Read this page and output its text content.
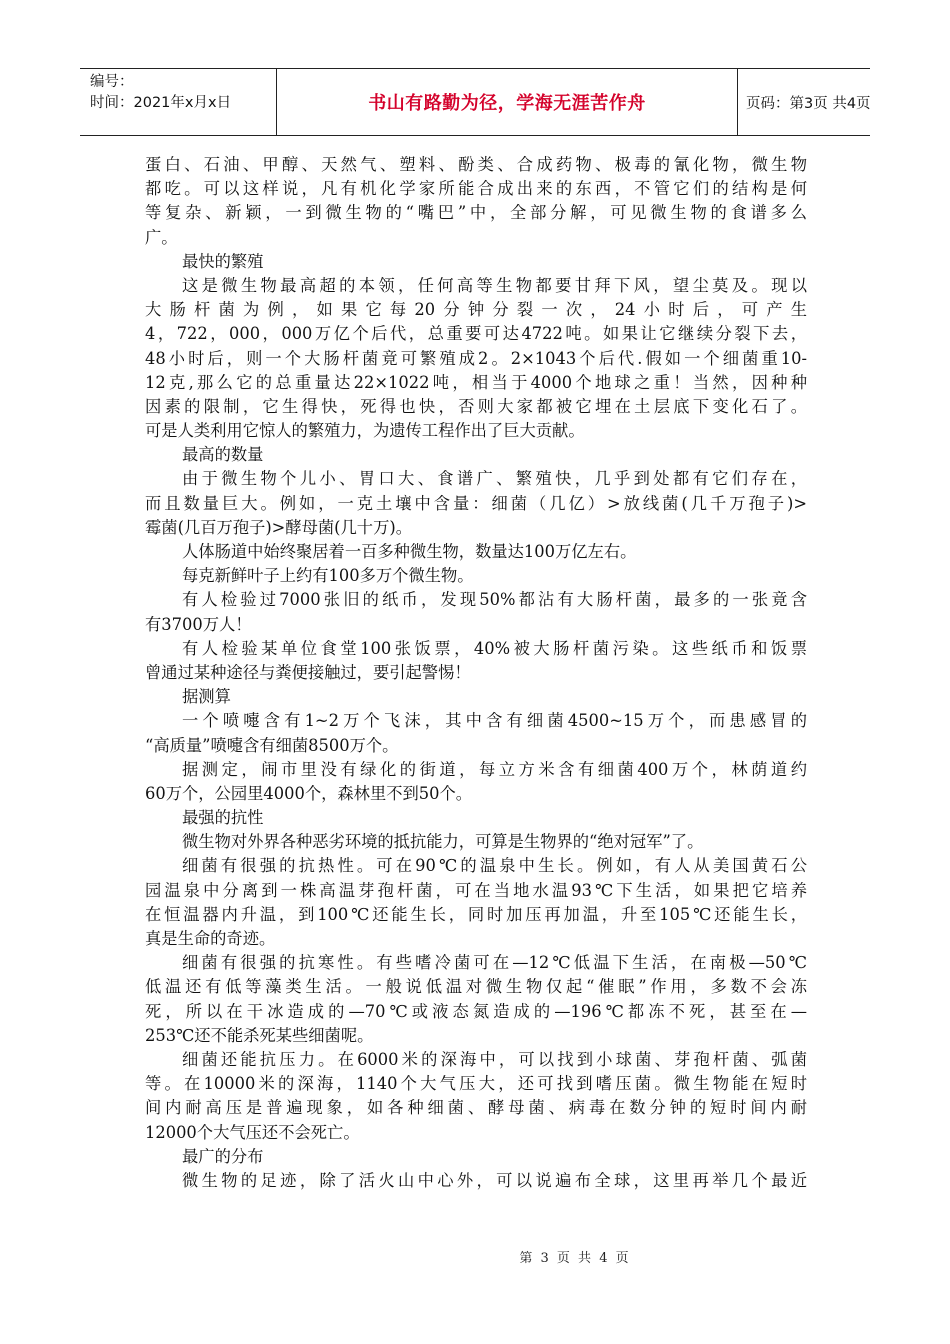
编号：
时间：2021年x月x日	书山有路勤为径，学海无涯苦作舟	页码：第3页 共4页
蛋白、石油、甲醇、天然气、塑料、酚类、合成药物、极毒的氰化物，微生物
都吃。可以这样说，凡有机化学家所能合成出来的东西，不管它们的结构是何
等复杂、新颖，一到微生物的“嘴巴”中，全部分解，可见微生物的食谱多么
广。
最快的繁殖
这是微生物最高超的本领，任何高等生物都要甘拜下风，望尘莫及。现以
大肠杆菌为例，如果它每20分钟分裂一次，24小时后，可产生
4，722，000，000万亿个后代，总重要可达4722吨。如果让它继续分裂下去，
48小时后，则一个大肠杆菌竟可繁殖成2。2×1043个后代.假如一个细菌重10-
12克,那么它的总重量达22×1022吨，相当于4000个地球之重！当然，因种种
因素的限制，它生得快，死得也快，否则大家都被它埋在土层底下变化石了。
可是人类利用它惊人的繁殖力，为遗传工程作出了巨大贡献。
最高的数量
由于微生物个儿小、胃口大、食谱广、繁殖快，几乎到处都有它们存在，
而且数量巨大。例如，一克土壤中含量：细菌（几亿）>放线菌(几千万孢子)>
霉菌(几百万孢子)>酵母菌(几十万)。
人体肠道中始终聚居着一百多种微生物，数量达100万亿左右。
每克新鲜叶子上约有100多万个微生物。
有人检验过7000张旧的纸币，发现50%都沾有大肠杆菌，最多的一张竟含
有3700万人！
有人检验某单位食堂100张饭票，40%被大肠杆菌污染。这些纸币和饭票
曾通过某种途径与粪便接触过，要引起警惕！
据测算
一个喷嚏含有1~2万个飞沫，其中含有细菌4500~15万个，而患感冒的
“高质量”喷嚏含有细菌8500万个。
据测定，闹市里没有绿化的街道，每立方米含有细菌400万个，林荫道约
60万个，公园里4000个，森林里不到50个。
最强的抗性
微生物对外界各种恶劣环境的抵抗能力，可算是生物界的“绝对冠军”了。
细菌有很强的抗热性。可在90℃的温泉中生长。例如，有人从美国黄石公
园温泉中分离到一株高温芽孢杆菌，可在当地水温93℃下生活，如果把它培养
在恒温器内升温，到100℃还能生长，同时加压再加温，升至105℃还能生长，
真是生命的奇迹。
细菌有很强的抗寒性。有些嗜冷菌可在—12℃低温下生活，在南极—50℃
低温还有低等藻类生活。一般说低温对微生物仅起“催眠”作用，多数不会冻
死，所以在干冰造成的—70℃或液态氮造成的—196℃都冻不死，甚至在—
253℃还不能杀死某些细菌呢。
细菌还能抗压力。在6000米的深海中，可以找到小球菌、芽孢杆菌、弧菌
等。在10000米的深海，1140个大气压大，还可找到嗜压菌。微生物能在短时
间内耐高压是普遍现象，如各种细菌、酵母菌、病毒在数分钟的短时间内耐
12000个大气压还不会死亡。
最广的分布
微生物的足迹，除了活火山中心外，可以说遍布全球，这里再举几个最近
第 3 页 共 4 页
